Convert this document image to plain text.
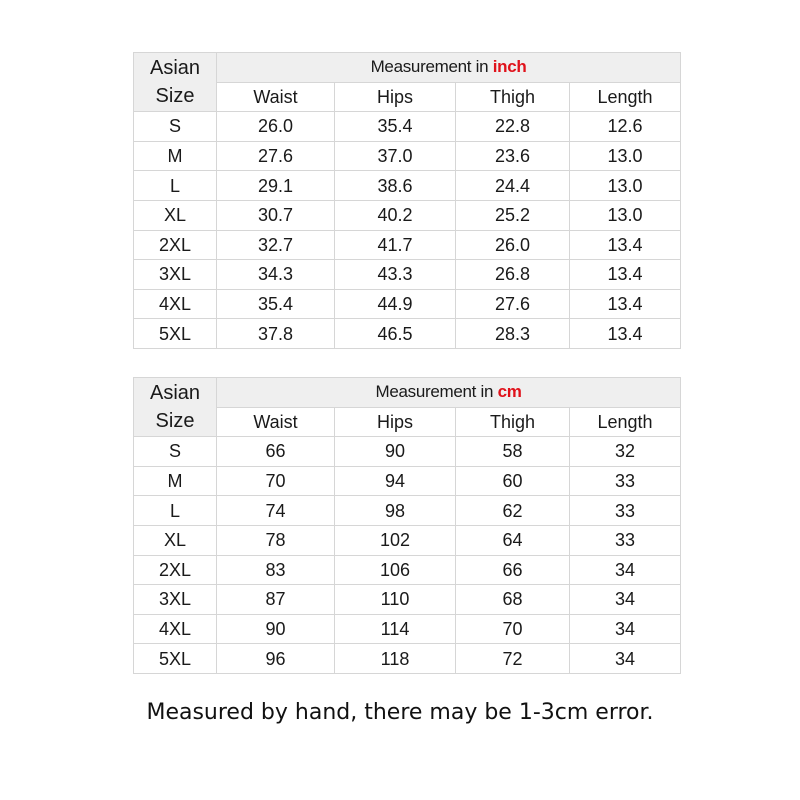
Asian
Size	Measurement in inch			
	Waist	Hips	Thigh	Length
S	26.0	35.4	22.8	12.6
M	27.6	37.0	23.6	13.0
L	29.1	38.6	24.4	13.0
XL	30.7	40.2	25.2	13.0
2XL	32.7	41.7	26.0	13.4
3XL	34.3	43.3	26.8	13.4
4XL	35.4	44.9	27.6	13.4
5XL	37.8	46.5	28.3	13.4
Asian
Size	Measurement in cm			
	Waist	Hips	Thigh	Length
S	66	90	58	32
M	70	94	60	33
L	74	98	62	33
XL	78	102	64	33
2XL	83	106	66	34
3XL	87	110	68	34
4XL	90	114	70	34
5XL	96	118	72	34
Measured by hand, there may be 1-3cm error.
